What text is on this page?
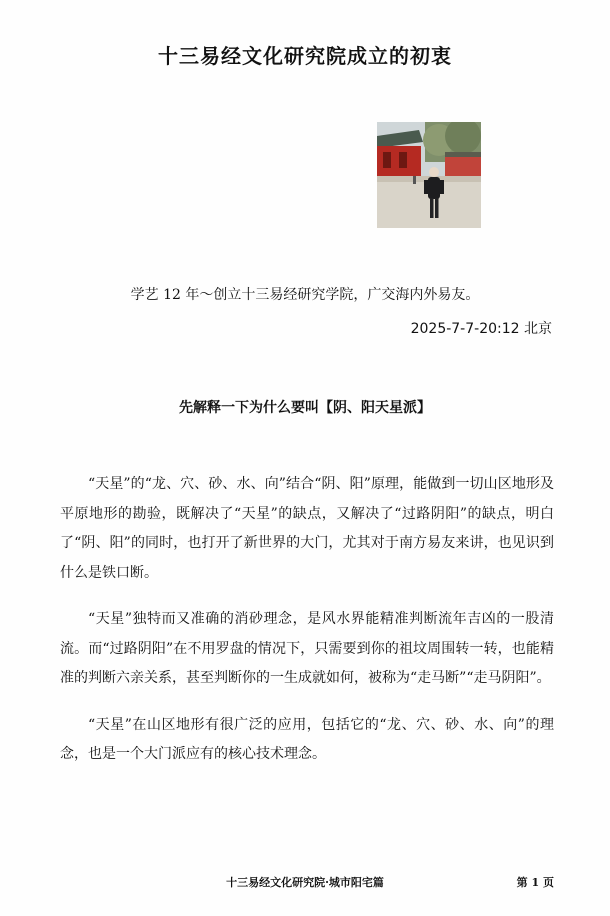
十三易经文化研究院成立的初衷
学艺 12 年～创立十三易经研究学院，广交海内外易友。
2025-7-7-20:12 北京
先解释一下为什么要叫【阴、阳天星派】

“天星”的“龙、穴、砂、水、向”结合“阴、阳”原理，能做到一切山区地形及平原地形的勘验，既解决了“天星”的缺点，又解决了“过路阴阳”的缺点，明白了“阴、阳”的同时，也打开了新世界的大门，尤其对于南方易友来讲，也见识到什么是铁口断。

“天星”独特而又准确的消砂理念，是风水界能精准判断流年吉凶的一股清流。而“过路阴阳”在不用罗盘的情况下，只需要到你的祖坟周围转一转，也能精准的判断六亲关系，甚至判断你的一生成就如何，被称为“走马断”“走马阴阳”。

“天星”在山区地形有很广泛的应用，包括它的“龙、穴、砂、水、向”的理念，也是一个大门派应有的核心技术理念。

十三易经文化研究院·城市阳宅篇	第 1 页
